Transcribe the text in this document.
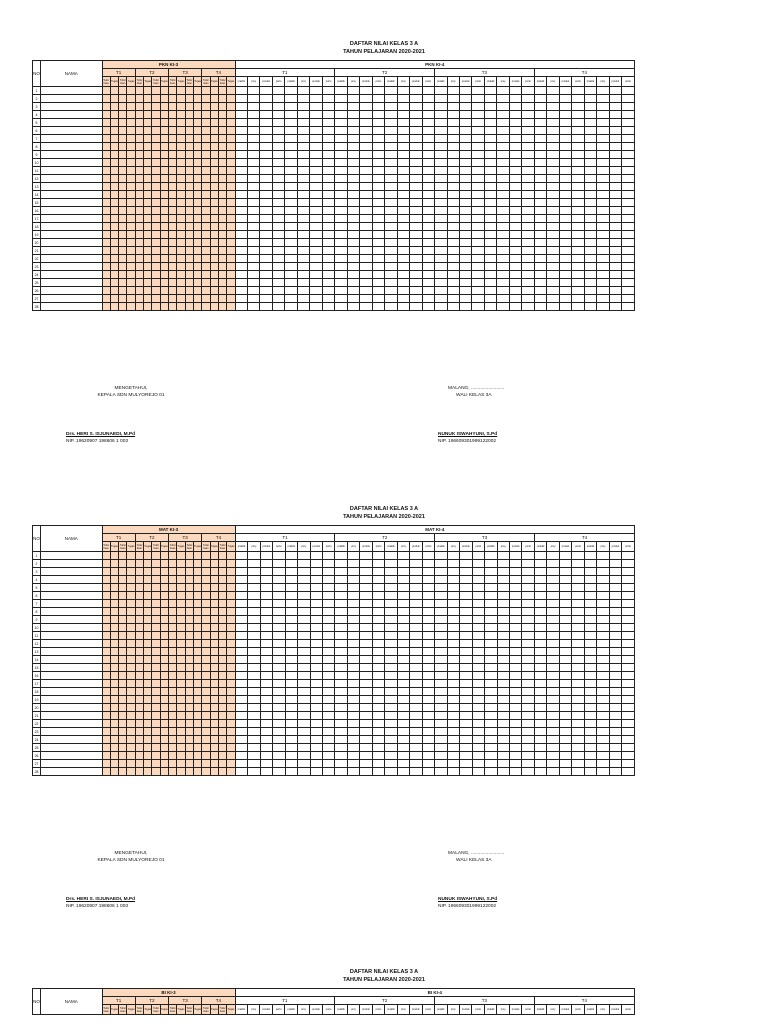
DAFTAR NILAI KELAS 3 A

TAHUN PELAJARAN 2020-2021

NO	NAMA	PKN KI-3																PKN KI-4																															
		T1				T2				T3				T4				T1								T2								T3								T4							
		Tulis/ lisan	Tugas	Tulis/ lisan	Tugas	Tulis/ lisan	Tugas	Tulis/ lisan	Tugas	Tulis/ lisan	Tugas	Tulis/ lisan	Tugas	Tulis/ lisan	Tugas	Tulis/ lisan	Tugas	praktik	proy	produk	porto	praktik	proy	produk	porto	praktik	proy	produk	porto	praktik	proy	produk	porto	praktik	proy	produk	porto	praktik	proy	produk	porto	praktik	proy	produk	porto	praktik	proy	produk	porto
1																																																	
2																																																	
3																																																	
4																																																	
5																																																	
6																																																	
7																																																	
8																																																	
9																																																	
10																																																	
11																																																	
12																																																	
13																																																	
14																																																	
15																																																	
16																																																	
17																																																	
18																																																	
19																																																	
20																																																	
21																																																	
22																																																	
23																																																	
24																																																	
25																																																	
26																																																	
27																																																	
28																																																	
MENGETAHUI,
KEPALA SDN MULYOREJO 01
Drs. HERI S. ISJUNAEDI, M.Pd
NIP. 19620907 198606 1 003
MALANG, .........................
WALI KELAS 3A
NUNUK ISWAHYUNI, S.Pd
NIP. 196609301999122002

DAFTAR NILAI KELAS 3 A

TAHUN PELAJARAN 2020-2021

NO	NAMA	MAT KI-3																MAT KI-4																															
		T1				T2				T3				T4				T1								T2								T3								T4							
		Tulis/ lisan	Tugas	Tulis/ lisan	Tugas	Tulis/ lisan	Tugas	Tulis/ lisan	Tugas	Tulis/ lisan	Tugas	Tulis/ lisan	Tugas	Tulis/ lisan	Tugas	Tulis/ lisan	Tugas	praktik	proy	produk	porto	praktik	proy	produk	porto	praktik	proy	produk	porto	praktik	proy	produk	porto	praktik	proy	produk	porto	praktik	proy	produk	porto	praktik	proy	produk	porto	praktik	proy	produk	porto
1																																																	
2																																																	
3																																																	
4																																																	
5																																																	
6																																																	
7																																																	
8																																																	
9																																																	
10																																																	
11																																																	
12																																																	
13																																																	
14																																																	
15																																																	
16																																																	
17																																																	
18																																																	
19																																																	
20																																																	
21																																																	
22																																																	
23																																																	
24																																																	
25																																																	
26																																																	
27																																																	
28																																																	
MENGETAHUI,
KEPALA SDN MULYOREJO 01
Drs. HERI S. ISJUNAEDI, M.Pd
NIP. 19620907 198606 1 003
MALANG, .........................
WALI KELAS 3A
NUNUK ISWAHYUNI, S.Pd
NIP. 196609301999122002

DAFTAR NILAI KELAS 3 A

TAHUN PELAJARAN 2020-2021

NO	NAMA	BI KI-3																BI KI-4																															
		T1				T2				T3				T4				T1								T2								T3								T4							
		Tulis/ lisan	Tugas	Tulis/ lisan	Tugas	Tulis/ lisan	Tugas	Tulis/ lisan	Tugas	Tulis/ lisan	Tugas	Tulis/ lisan	Tugas	Tulis/ lisan	Tugas	Tulis/ lisan	Tugas	praktik	proy	produk	porto	praktik	proy	produk	porto	praktik	proy	produk	porto	praktik	proy	produk	porto	praktik	proy	produk	porto	praktik	proy	produk	porto	praktik	proy	produk	porto	praktik	proy	produk	porto
